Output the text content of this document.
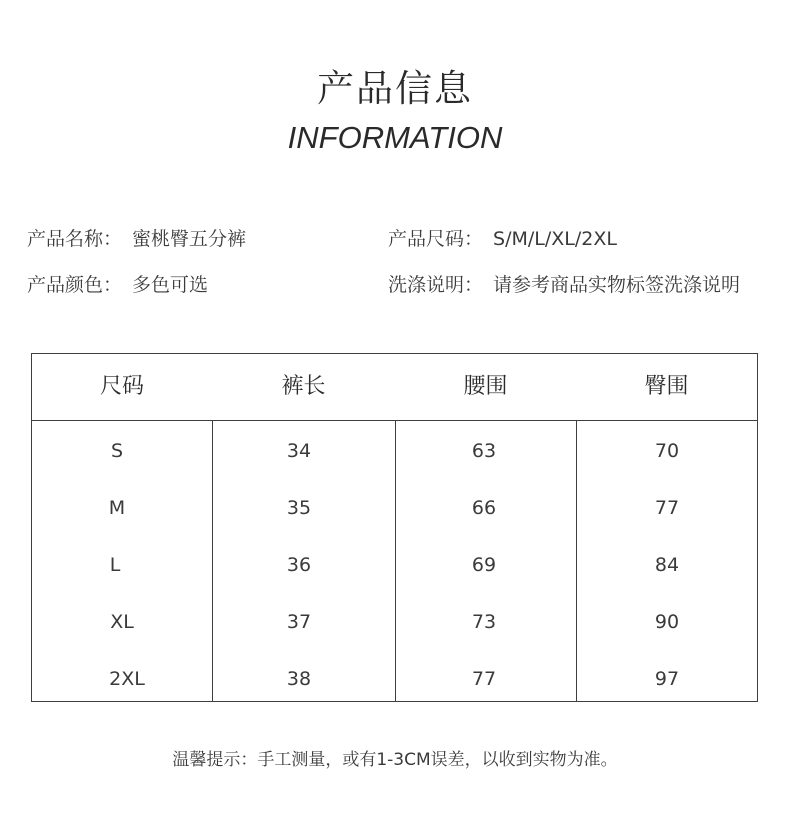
产品信息
INFORMATION
产品名称： 蜜桃臀五分裤	产品尺码： S/M/L/XL/2XL
产品颜色： 多色可选	洗涤说明： 请参考商品实物标签洗涤说明
尺码	裤长	腰围	臀围
S	34	63	70
M	35	66	77
L	36	69	84
XL	37	73	90
2XL	38	77	97
温馨提示：手工测量，或有1-3CM误差，以收到实物为准。
